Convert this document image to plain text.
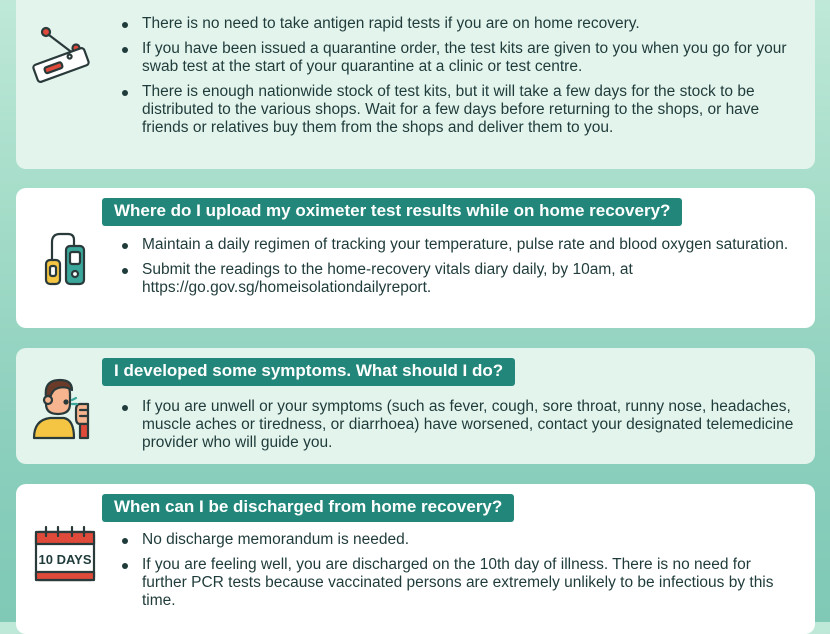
There is no need to take antigen rapid tests if you are on home recovery.
If you have been issued a quarantine order, the test kits are given to you when you go for your swab test at the start of your quarantine at a clinic or test centre.
There is enough nationwide stock of test kits, but it will take a few days for the stock to be distributed to the various shops. Wait for a few days before returning to the shops, or have friends or relatives buy them from the shops and deliver them to you.
Where do I upload my oximeter test results while on home recovery?
Maintain a daily regimen of tracking your temperature, pulse rate and blood oxygen saturation.
Submit the readings to the home-recovery vitals diary daily, by 10am, at https://go.gov.sg/homeisolationdailyreport.
I developed some symptoms. What should I do?
If you are unwell or your symptoms (such as fever, cough, sore throat, runny nose, headaches, muscle aches or tiredness, or diarrhoea) have worsened, contact your designated telemedicine provider who will guide you.
When can I be discharged from home recovery?
10 DAYS
No discharge memorandum is needed.
If you are feeling well, you are discharged on the 10th day of illness. There is no need for further PCR tests because vaccinated persons are extremely unlikely to be infectious by this time.
